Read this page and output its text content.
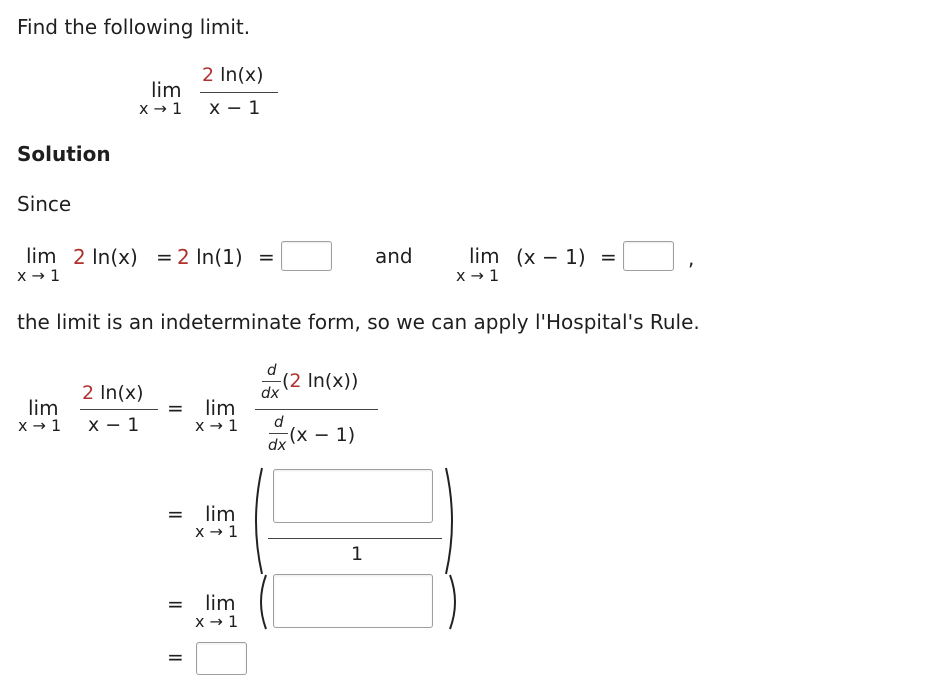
Find the following limit.
lim
x → 1
2 ln(x)
x − 1
Solution
Since
lim
x → 1
2 ln(x) = 2 ln(1) =	and	lim
x → 1
(x − 1) =	,
the limit is an indeterminate form, so we can apply l'Hospital's Rule.
lim
x → 1
2 ln(x)
x − 1
= lim
x → 1
d
dx
(2 ln(x))
d
dx (x − 1)
= lim
x → 1
1
= lim
x → 1
=
